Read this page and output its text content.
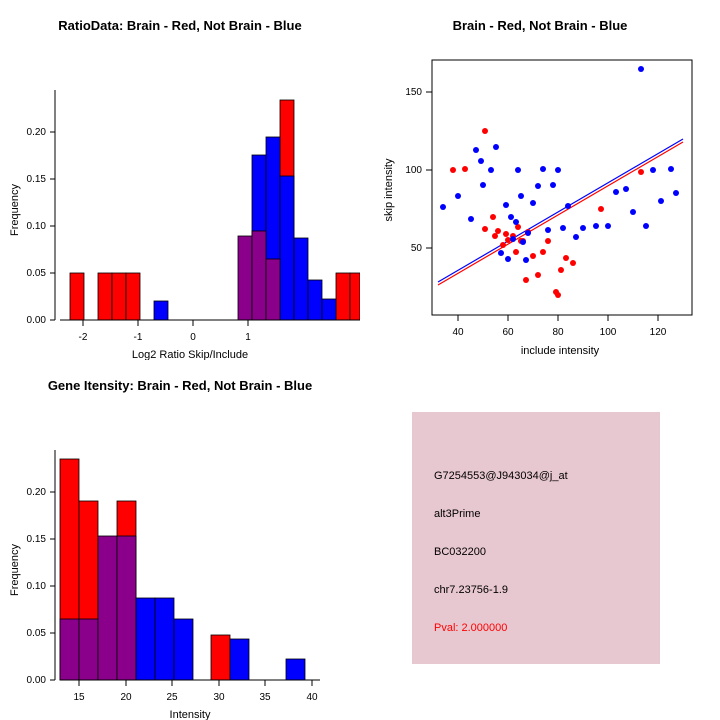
RatioData: Brain - Red, Not Brain - Blue
0.00
0.05
0.10
0.15
0.20
Frequency
-2	-1	0	1
Log2 Ratio Skip/Include
Brain - Red, Not Brain - Blue
50
100
150
skip intensity
40	60	80	100	120
include intensity
Gene Itensity: Brain - Red, Not Brain - Blue
0.00
0.05
0.10
0.15
0.20
Frequency
15	20	25	30	35	40
Intensity
G7254553@J943034@j_at
alt3Prime
BC032200
chr7.23756-1.9
Pval: 2.000000
